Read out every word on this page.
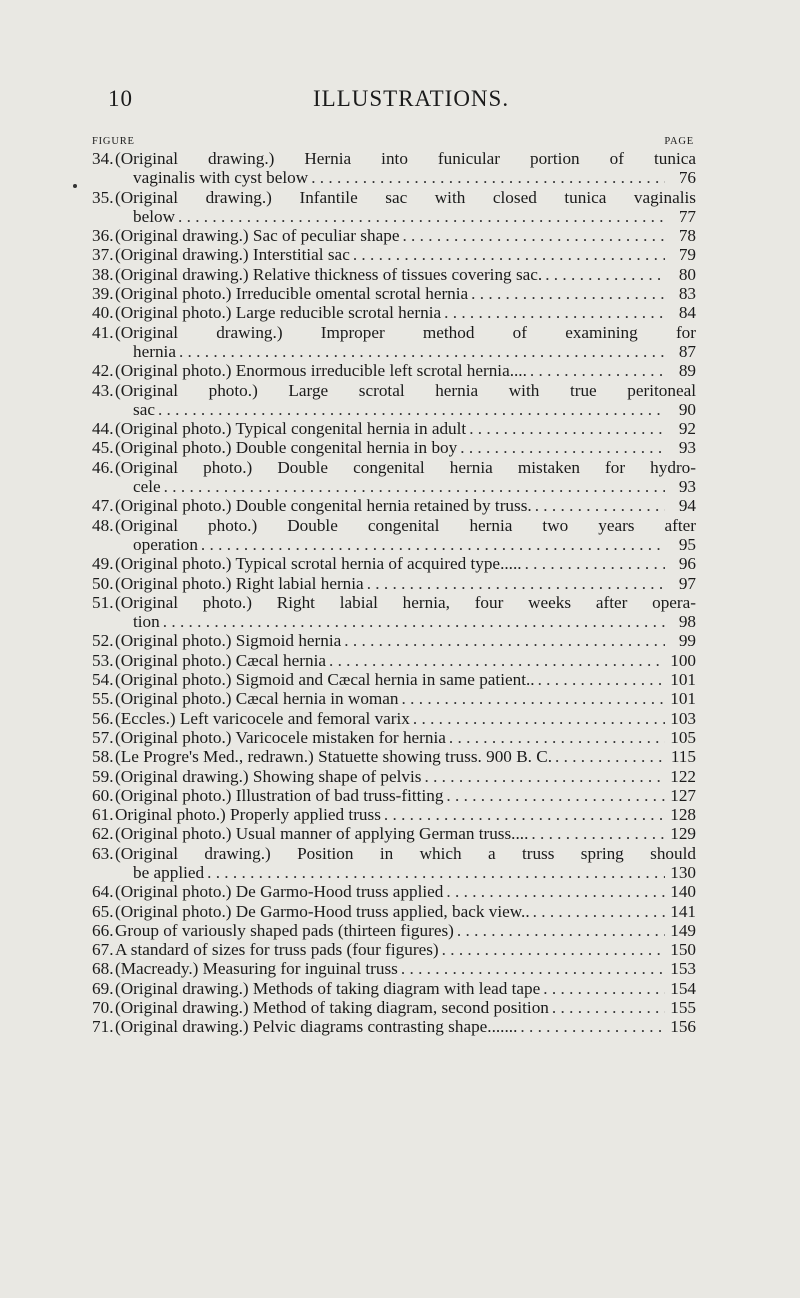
10	ILLUSTRATIONS.
FIGURE	PAGE
34. (Original drawing.) Hernia into funicular portion of tunica
vaginalis with cyst below . . .	76
35. (Original drawing.) Infantile sac with closed tunica vaginalis
below . . .	77
36. (Original drawing.) Sac of peculiar shape . . .	78
37. (Original drawing.) Interstitial sac . . .	79
38. (Original drawing.) Relative thickness of tissues covering sac. . . .	80
39. (Original photo.) Irreducible omental scrotal hernia . . .	83
40. (Original photo.) Large reducible scrotal hernia . . .	84
41. (Original drawing.) Improper method of examining for
hernia . . .	87
42. (Original photo.) Enormous irreducible left scrotal hernia.... . . .	89
43. (Original photo.) Large scrotal hernia with true peritoneal
sac . . .	90
44. (Original photo.) Typical congenital hernia in adult . . .	92
45. (Original photo.) Double congenital hernia in boy . . .	93
46. (Original photo.) Double congenital hernia mistaken for hydro-
cele . . .	93
47. (Original photo.) Double congenital hernia retained by truss. . . .	94
48. (Original photo.) Double congenital hernia two years after
operation . . .	95
49. (Original photo.) Typical scrotal hernia of acquired type..... . . .	96
50. (Original photo.) Right labial hernia . . .	97
51. (Original photo.) Right labial hernia, four weeks after opera-
tion . . .	98
52. (Original photo.) Sigmoid hernia . . .	99
53. (Original photo.) Cæcal hernia . . .	100
54. (Original photo.) Sigmoid and Cæcal hernia in same patient.. . . .	101
55. (Original photo.) Cæcal hernia in woman . . .	101
56. (Eccles.) Left varicocele and femoral varix . . .	103
57. (Original photo.) Varicocele mistaken for hernia . . .	105
58. (Le Progre's Med., redrawn.) Statuette showing truss. 900 B. C. . . .	115
59. (Original drawing.) Showing shape of pelvis . . .	122
60. (Original photo.) Illustration of bad truss-fitting . . .	127
61. Original photo.) Properly applied truss . . .	128
62. (Original photo.) Usual manner of applying German truss.... . . .	129
63. (Original drawing.) Position in which a truss spring should
be applied . . .	130
64. (Original photo.) De Garmo-Hood truss applied . . .	140
65. (Original photo.) De Garmo-Hood truss applied, back view.. . . .	141
66. Group of variously shaped pads (thirteen figures) . . .	149
67. A standard of sizes for truss pads (four figures) . . .	150
68. (Macready.) Measuring for inguinal truss . . .	153
69. (Original drawing.) Methods of taking diagram with lead tape . . .	154
70. (Original drawing.) Method of taking diagram, second position . . .	155
71. (Original drawing.) Pelvic diagrams contrasting shape....... . . .	156
